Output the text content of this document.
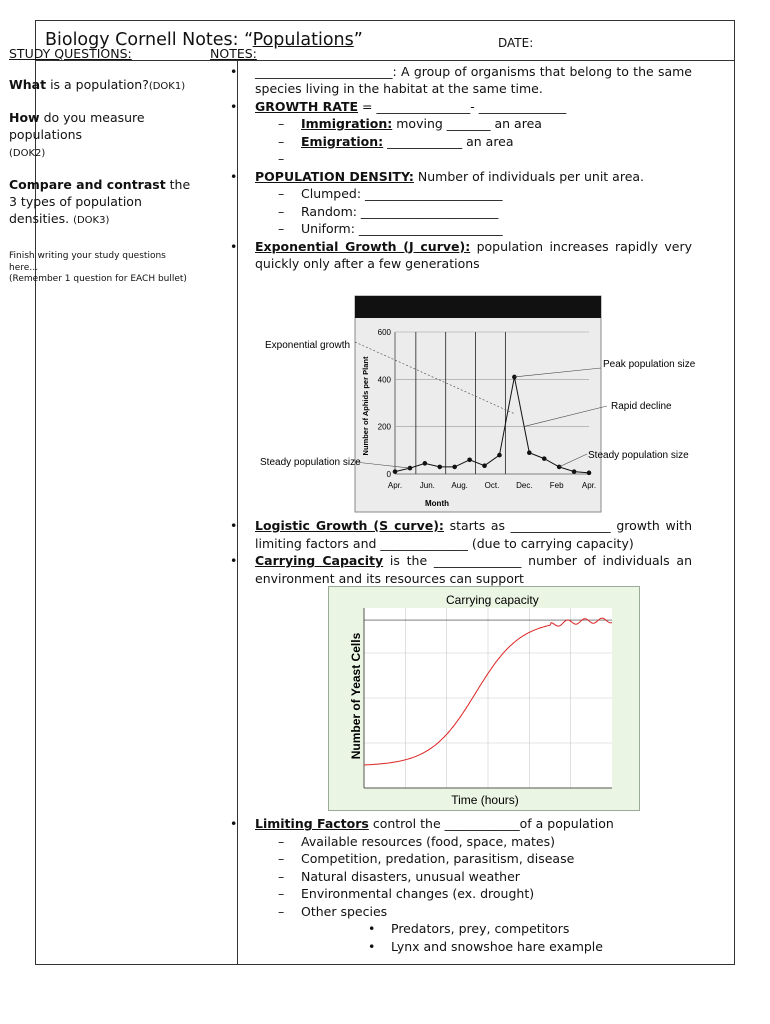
Biology Cornell Notes: “Populations”	DATE:
STUDY QUESTIONS:

What is a population?(DOK1)

How do you measure populations
(DOK2)

Compare and contrast the 3 types of population densities. (DOK3)

Finish writing your study questions here…
(Remember 1 question for EACH bullet)
NOTES:
• ______________________: A group of organisms that belong to the same species living in the habitat at the same time.
• GROWTH RATE = _______________- ______________
– Immigration: moving _______ an area
– Emigration: ____________ an area
–
• POPULATION DENSITY: Number of individuals per unit area.
– Clumped: ______________________
– Random: ______________________
– Uniform: _______________________
• Exponential Growth (J curve): population increases rapidly very quickly only after a few generations
0
200
400
600
Apr. Jun. Aug. Oct. Dec. Feb Apr.
Month
Number of Aphids per Plant
Exponential growth
Peak population size
Rapid decline
Steady population size
Steady population size
• Logistic Growth (S curve): starts as ________________ growth with limiting factors and ______________ (due to carrying capacity)
• Carrying Capacity is the ______________ number of individuals an environment and its resources can support
Carrying capacity
Time (hours)
Number of Yeast Cells
• Limiting Factors control the ____________of a population
– Available resources (food, space, mates)
– Competition, predation, parasitism, disease
– Natural disasters, unusual weather
– Environmental changes (ex. drought)
– Other species
• Predators, prey, competitors
• Lynx and snowshoe hare example
